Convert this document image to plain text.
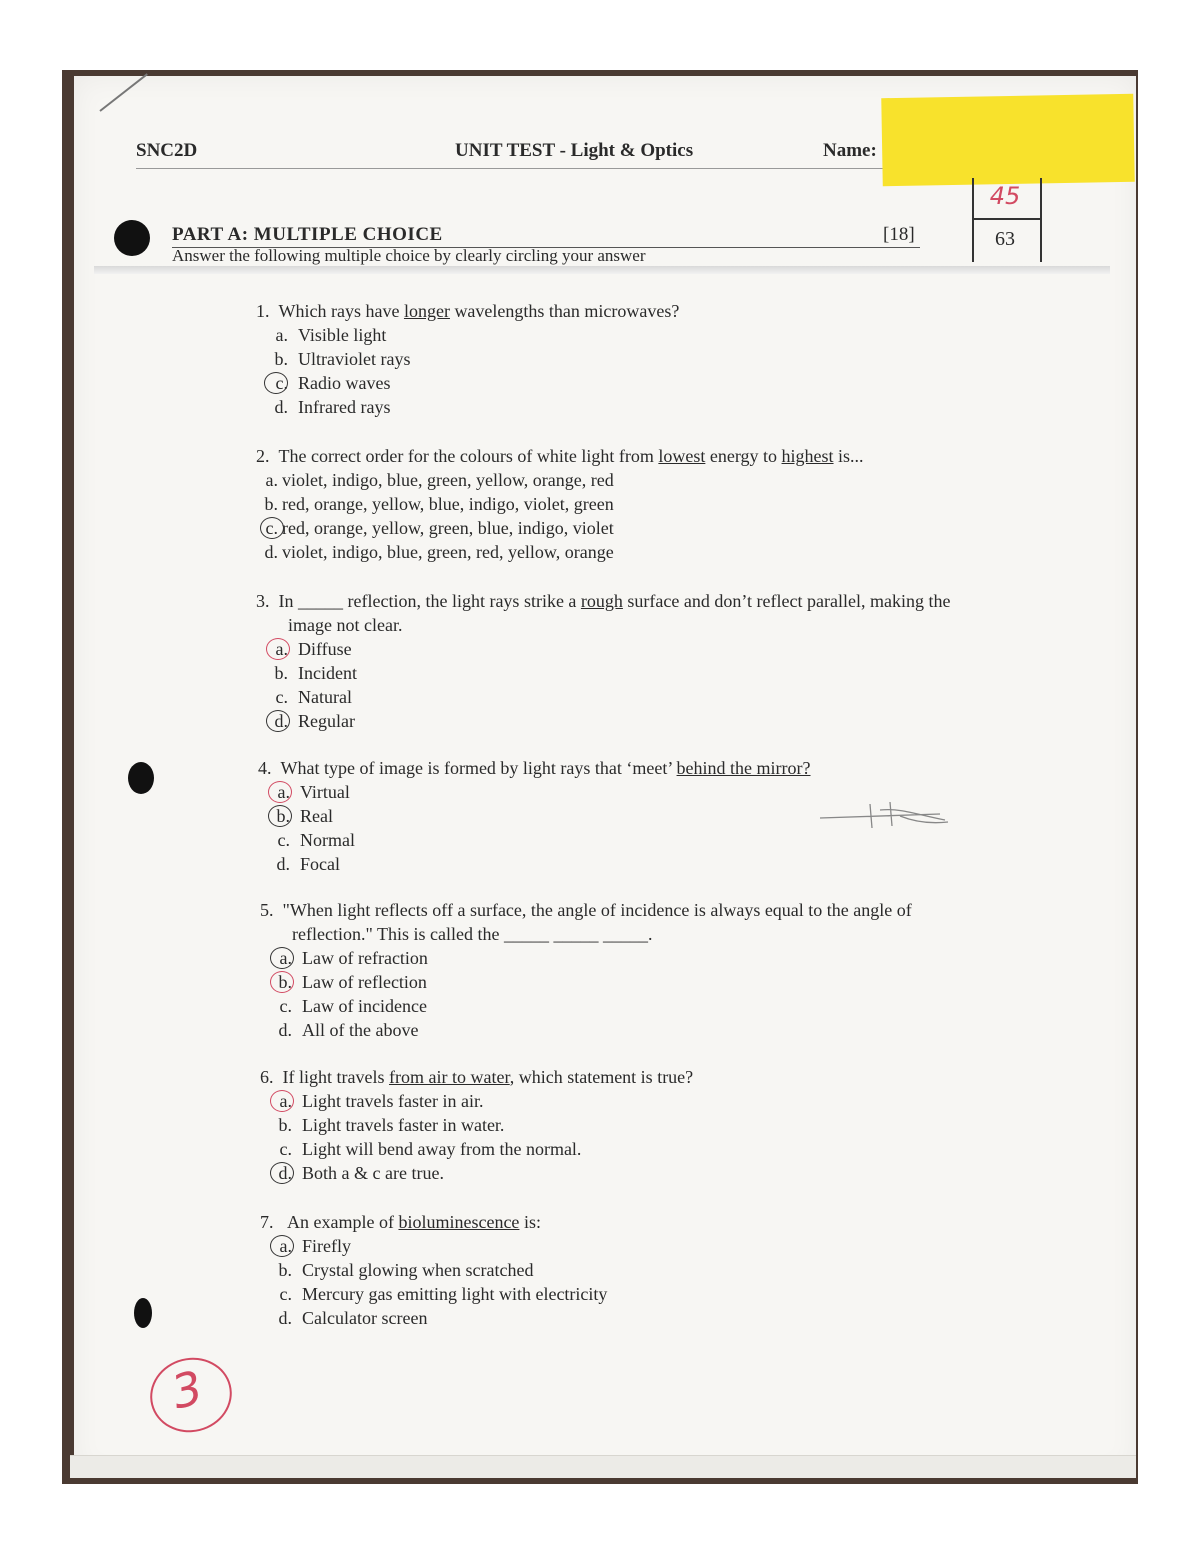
SNC2D	UNIT TEST - Light & Optics	Name:
45
63
PART A: MULTIPLE CHOICE	[18]
Answer the following multiple choice by clearly circling your answer
1. Which rays have longer wavelengths than microwaves?
a. Visible light
b. Ultraviolet rays
c. Radio waves
d. Infrared rays
2. The correct order for the colours of white light from lowest energy to highest is...
a. violet, indigo, blue, green, yellow, orange, red
b. red, orange, yellow, blue, indigo, violet, green
c. red, orange, yellow, green, blue, indigo, violet
d. violet, indigo, blue, green, red, yellow, orange
3. In _____ reflection, the light rays strike a rough surface and don’t reflect parallel, making the
image not clear.
a. Diffuse
b. Incident
c. Natural
d. Regular
4. What type of image is formed by light rays that ‘meet’ behind the mirror?
a. Virtual
b. Real
c. Normal
d. Focal
5. "When light reflects off a surface, the angle of incidence is always equal to the angle of
reflection." This is called the _____ _____ _____.
a. Law of refraction
b. Law of reflection
c. Law of incidence
d. All of the above
6. If light travels from air to water, which statement is true?
a. Light travels faster in air.
b. Light travels faster in water.
c. Light will bend away from the normal.
d. Both a & c are true.
7. An example of bioluminescence is:
a. Firefly
b. Crystal glowing when scratched
c. Mercury gas emitting light with electricity
d. Calculator screen
3
